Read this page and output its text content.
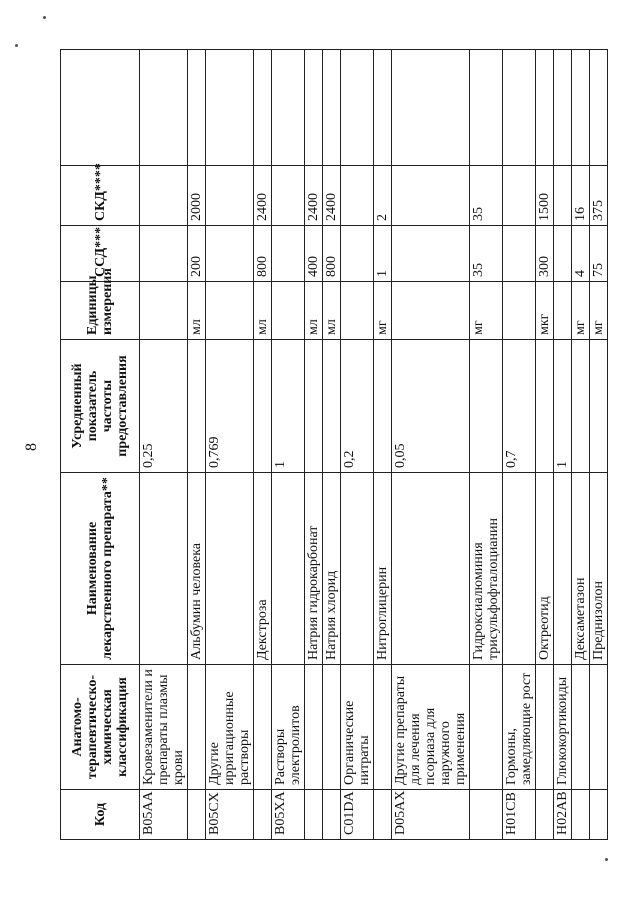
8
Код	Анатомо-терапевтическо-химическая классификация	Наименование лекарственного препарата**	Усредненный показатель частоты предоставления	Единицы измерения	ССД***	СКД****	
B05AA	Кровезаменители и препараты плазмы крови		0,25				
		Альбумин человека		мл	200	2000	
B05CX	Другие ирригационные растворы		0,769				
		Декстроза		мл	800	2400	
B05XA	Растворы электролитов		1				
		Натрия гидрокарбонат		мл	400	2400	
		Натрия хлорид		мл	800	2400	
C01DA	Органические нитраты		0,2				
		Нитроглицерин		мг	1	2	
D05AX	Другие препараты для лечения псориаза для наружного применения		0,05				
		Гидроксиалюминия трисульфофталоцианин		мг	35	35	
H01CB	Гормоны, замедляющие рост		0,7				
		Октреотид		мкг	300	1500	
H02AB	Глюкокортикоиды		1				
		Дексаметазон		мг	4	16	
		Преднизолон		мг	75	375	
